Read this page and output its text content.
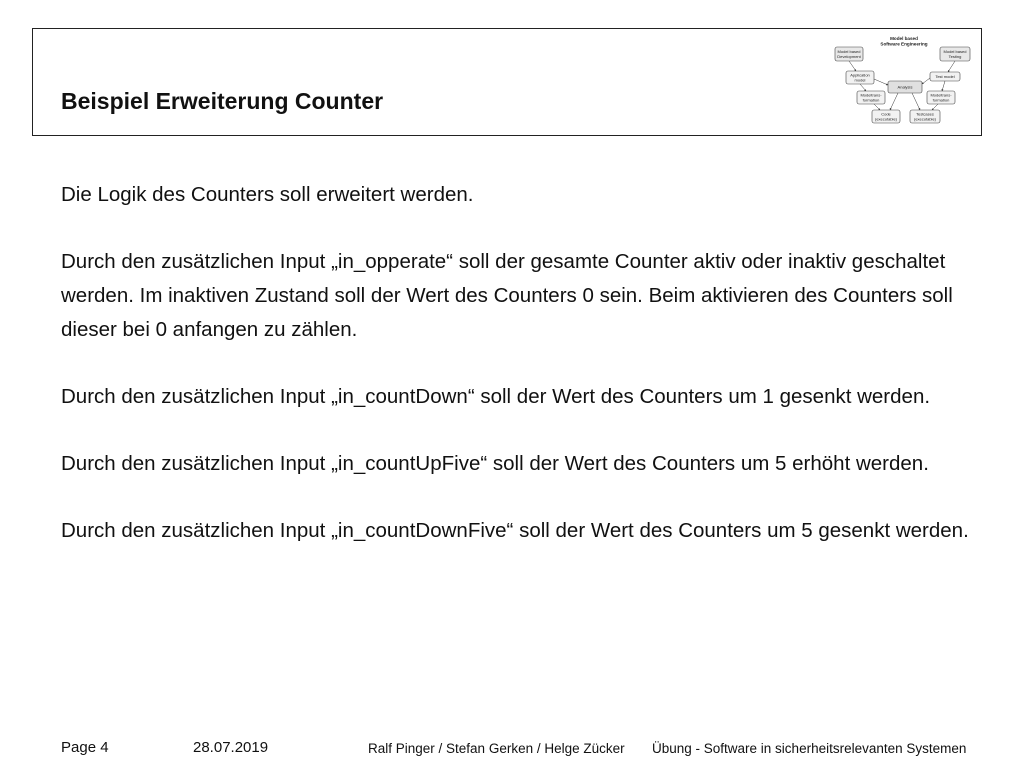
Beispiel Erweiterung Counter
Model based
Software Engineering
Model based
Development
Model based
Testing
Application
model
Test model
Analysis
Modeltrans-
formation
Modeltrans-
formation
Code
(executable)
Testcases
(executable)

Die Logik des Counters soll erweitert werden.

Durch den zusätzlichen Input „in_opperate“ soll der gesamte Counter aktiv oder inaktiv geschaltet werden. Im inaktiven Zustand soll der Wert des Counters 0 sein. Beim aktivieren des Counters soll dieser bei 0 anfangen zu zählen.

Durch den zusätzlichen Input „in_countDown“ soll der Wert des Counters um 1 gesenkt werden.

Durch den zusätzlichen Input „in_countUpFive“ soll der Wert des Counters um 5 erhöht werden.

Durch den zusätzlichen Input „in_countDownFive“ soll der Wert des Counters um 5 gesenkt werden.

Page 4	28.07.2019	Ralf Pinger / Stefan Gerken / Helge Zücker Übung - Software in sicherheitsrelevanten Systemen
